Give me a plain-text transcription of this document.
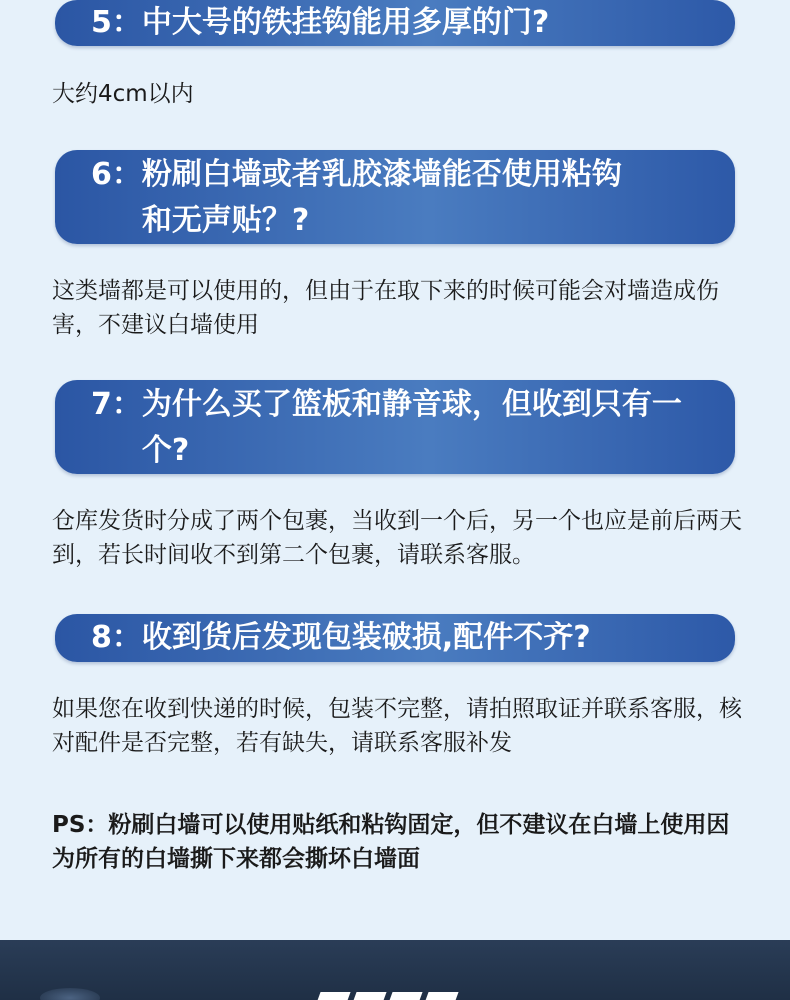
5： 中大号的铁挂钩能用多厚的门?

大约4cm以内

6： 粉刷白墙或者乳胶漆墙能否使用粘钩和无声贴？?

这类墙都是可以使用的，但由于在取下来的时候可能会对墙造成伤害，不建议白墙使用

7： 为什么买了篮板和静音球，但收到只有一个?

仓库发货时分成了两个包裹，当收到一个后，另一个也应是前后两天到，若长时间收不到第二个包裹，请联系客服。

8： 收到货后发现包装破损,配件不齐?

如果您在收到快递的时候，包装不完整，请拍照取证并联系客服，核对配件是否完整，若有缺失，请联系客服补发

PS：粉刷白墙可以使用贴纸和粘钩固定，但不建议在白墙上使用因为所有的白墙撕下来都会撕坏白墙面
